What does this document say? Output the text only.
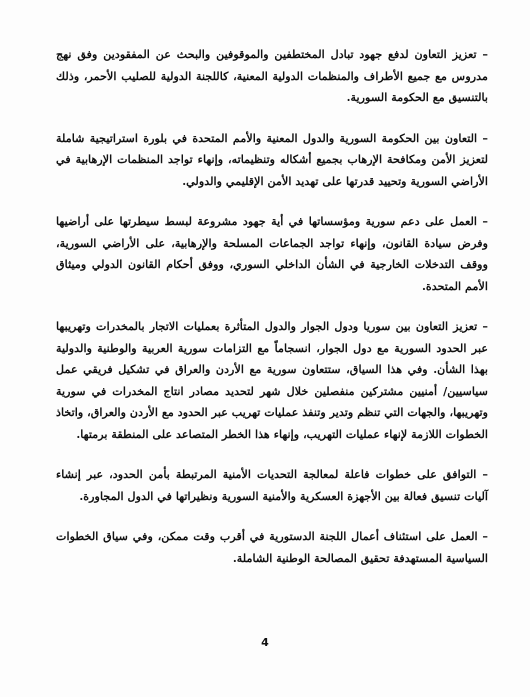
– تعزيز التعاون لدفع جهود تبادل المختطفين والموقوفين والبحث عن المفقودين وفق نهج مدروس مع جميع الأطراف والمنظمات الدولية المعنية، كاللجنة الدولية للصليب الأحمر، وذلك بالتنسيق مع الحكومة السورية.

– التعاون بين الحكومة السورية والدول المعنية والأمم المتحدة في بلورة استراتيجية شاملة لتعزيز الأمن ومكافحة الإرهاب بجميع أشكاله وتنظيماته، وإنهاء تواجد المنظمات الإرهابية في الأراضي السورية وتحييد قدرتها على تهديد الأمن الإقليمي والدولي.

– العمل على دعم سورية ومؤسساتها في أية جهود مشروعة لبسط سيطرتها على أراضيها وفرض سيادة القانون، وإنهاء تواجد الجماعات المسلحة والإرهابية، على الأراضي السورية، ووقف التدخلات الخارجية في الشأن الداخلي السوري، ووفق أحكام القانون الدولي وميثاق الأمم المتحدة.

– تعزيز التعاون بين سوريا ودول الجوار والدول المتأثرة بعمليات الاتجار بالمخدرات وتهريبها عبر الحدود السورية مع دول الجوار، انسجاماً مع التزامات سورية العربية والوطنية والدولية بهذا الشأن. وفي هذا السياق، ستتعاون سورية مع الأردن والعراق في تشكيل فريقي عمل سياسيين/ أمنيين مشتركين منفصلين خلال شهر لتحديد مصادر انتاج المخدرات في سورية وتهريبها، والجهات التي تنظم وتدير وتنفذ عمليات تهريب عبر الحدود مع الأردن والعراق، واتخاذ الخطوات اللازمة لإنهاء عمليات التهريب، وإنهاء هذا الخطر المتصاعد على المنطقة برمتها.

– التوافق على خطوات فاعلة لمعالجة التحديات الأمنية المرتبطة بأمن الحدود، عبر إنشاء آليات تنسيق فعالة بين الأجهزة العسكرية والأمنية السورية ونظيراتها في الدول المجاورة.

– العمل على استئناف أعمال اللجنة الدستورية في أقرب وقت ممكن، وفي سياق الخطوات السياسية المستهدفة تحقيق المصالحة الوطنية الشاملة.

4
